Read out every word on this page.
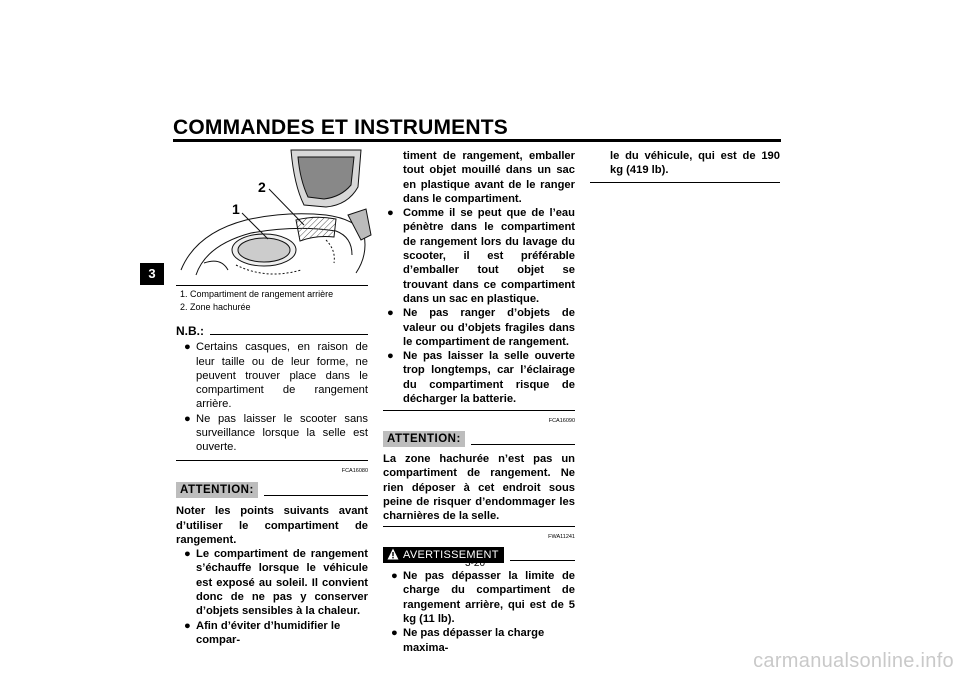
COMMANDES ET INSTRUMENTS
3
1
2
1. Compartiment de rangement arrière
2. Zone hachurée
N.B.:
● Certains casques, en raison de leur taille ou de leur forme, ne peuvent trouver place dans le compartiment de rangement arrière.
● Ne pas laisser le scooter sans surveillance lorsque la selle est ouverte.
FCA16080
ATTENTION:
Noter les points suivants avant d’utiliser le compartiment de rangement.
● Le compartiment de rangement s’échauffe lorsque le véhicule est exposé au soleil. Il convient donc de ne pas y conserver d’objets sensibles à la chaleur.
● Afin d’éviter d’humidifier le compar-
timent de rangement, emballer tout objet mouillé dans un sac en plastique avant de le ranger dans le compartiment.
● Comme il se peut que de l’eau pénètre dans le compartiment de rangement lors du lavage du scooter, il est préférable d’emballer tout objet se trouvant dans ce compartiment dans un sac en plastique.
● Ne pas ranger d’objets de valeur ou d’objets fragiles dans le compartiment de rangement.
● Ne pas laisser la selle ouverte trop longtemps, car l’éclairage du compartiment risque de décharger la batterie.
FCA16090
ATTENTION:
La zone hachurée n’est pas un compartiment de rangement. Ne rien déposer à cet endroit sous peine de risquer d’endommager les charnières de la selle.
FWA11241
AVERTISSEMENT
● Ne pas dépasser la limite de charge du compartiment de rangement arrière, qui est de 5 kg (11 lb).
● Ne pas dépasser la charge maxima-
le du véhicule, qui est de 190 kg (419 lb).
3-20
carmanualsonline.info
